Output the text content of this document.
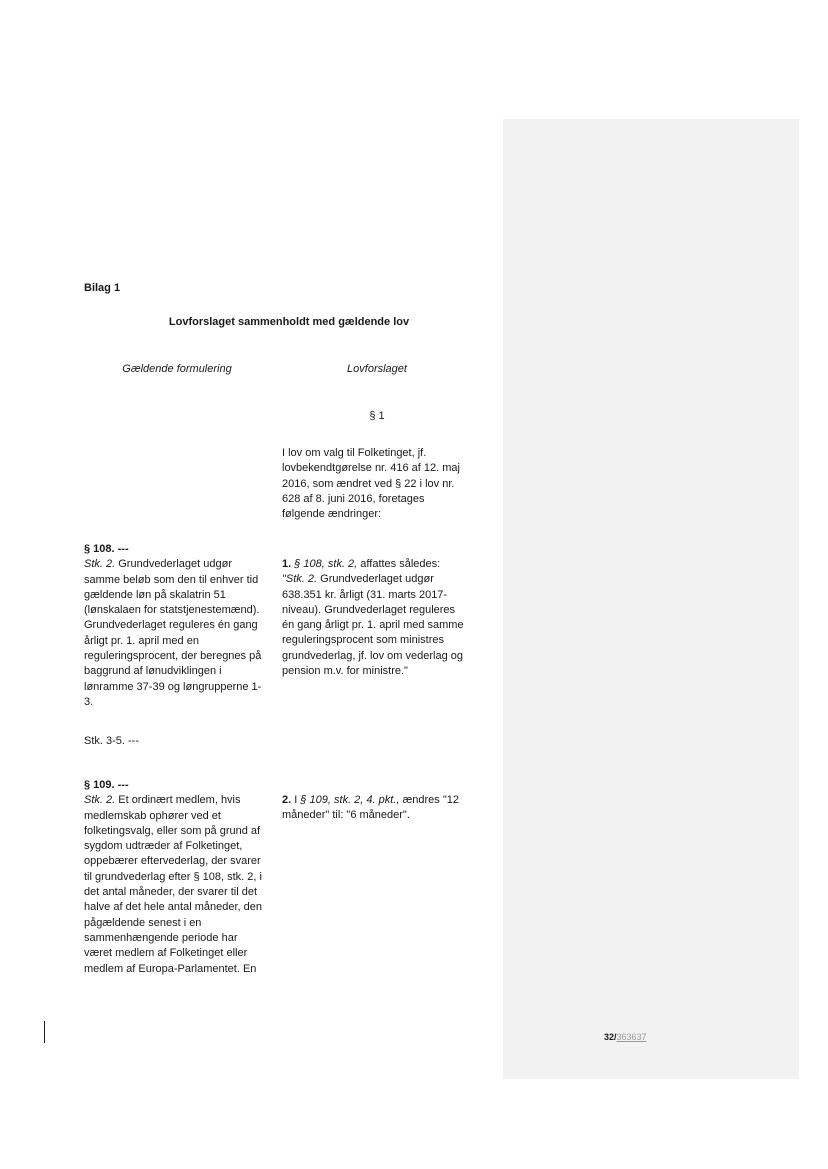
Bilag 1
Lovforslaget sammenholdt med gældende lov
Gældende formulering	Lovforslaget
§ 1
I lov om valg til Folketinget, jf.
lovbekendtgørelse nr. 416 af 12. maj
2016, som ændret ved § 22 i lov nr.
628 af 8. juni 2016, foretages
følgende ændringer:
§ 108. ---
Stk. 2. Grundvederlaget udgør
samme beløb som den til enhver tid
gældende løn på skalatrin 51
(lønskalaen for statstjenestemænd).
Grundvederlaget reguleres én gang
årligt pr. 1. april med en
reguleringsprocent, der beregnes på
baggrund af lønudviklingen i
lønramme 37-39 og løngrupperne 1-
3.
Stk. 3-5. ---
1. § 108, stk. 2, affattes således:
"Stk. 2. Grundvederlaget udgør
638.351 kr. årligt (31. marts 2017-
niveau). Grundvederlaget reguleres
én gang årligt pr. 1. april med samme
reguleringsprocent som ministres
grundvederlag, jf. lov om vederlag og
pension m.v. for ministre."
§ 109. ---
Stk. 2. Et ordinært medlem, hvis
medlemskab ophører ved et
folketingsvalg, eller som på grund af
sygdom udtræder af Folketinget,
oppebærer eftervederlag, der svarer
til grundvederlag efter § 108, stk. 2, i
det antal måneder, der svarer til det
halve af det hele antal måneder, den
pågældende senest i en
sammenhængende periode har
været medlem af Folketinget eller
medlem af Europa-Parlamentet. En
2. I § 109, stk. 2, 4. pkt., ændres "12
måneder" til: "6 måneder".
32/363637
